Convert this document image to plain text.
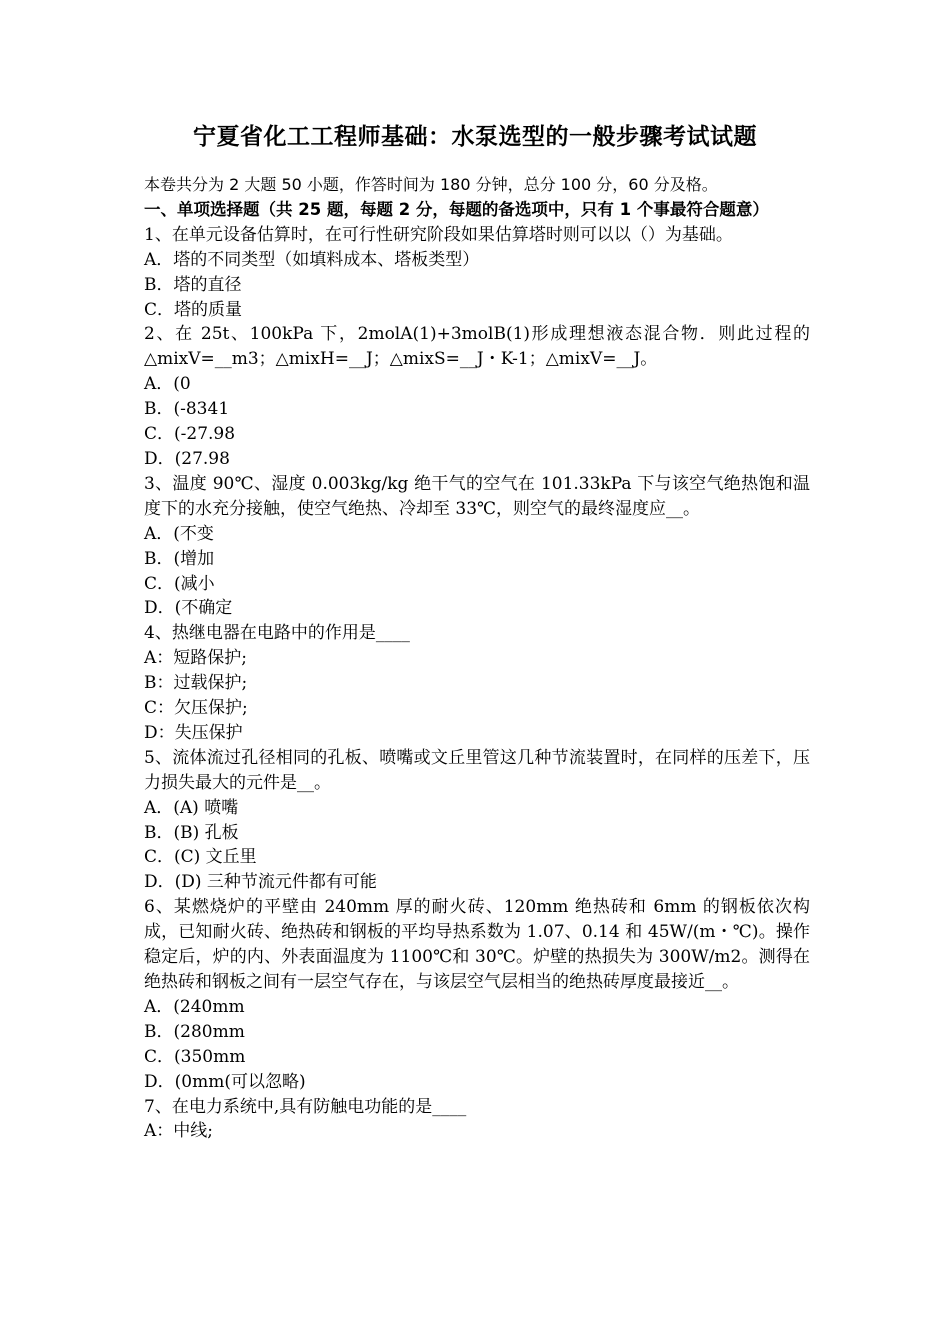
宁夏省化工工程师基础：水泵选型的一般步骤考试试题
本卷共分为 2 大题 50 小题，作答时间为 180 分钟，总分 100 分，60 分及格。
一、单项选择题（共 25 题，每题 2 分，每题的备选项中，只有 1 个事最符合题意）
1、在单元设备估算时，在可行性研究阶段如果估算塔时则可以以（）为基础。
A．塔的不同类型（如填料成本、塔板类型）
B．塔的直径
C．塔的质量
2、在 25t、100kPa 下，2molA(1)+3molB(1)形成理想液态混合物．则此过程的△mixV=__m3；△mixH=__J；△mixS=__J・K-1；△mixV=__J。
A．(0
B．(-8341
C．(-27.98
D．(27.98
3、温度 90℃、湿度 0.003kg/kg 绝干气的空气在 101.33kPa 下与该空气绝热饱和温度下的水充分接触，使空气绝热、冷却至 33℃，则空气的最终湿度应__。
A．(不变
B．(增加
C．(减小
D．(不确定
4、热继电器在电路中的作用是____
A：短路保护;
B：过载保护;
C：欠压保护;
D：失压保护
5、流体流过孔径相同的孔板、喷嘴或文丘里管这几种节流装置时，在同样的压差下，压力损失最大的元件是__。
A．(A) 喷嘴
B．(B) 孔板
C．(C) 文丘里
D．(D) 三种节流元件都有可能
6、某燃烧炉的平壁由 240mm 厚的耐火砖、120mm 绝热砖和 6mm 的钢板依次构成，已知耐火砖、绝热砖和钢板的平均导热系数为 1.07、0.14 和 45W/(m・℃)。操作稳定后，炉的内、外表面温度为 1100℃和 30℃。炉壁的热损失为 300W/m2。测得在绝热砖和钢板之间有一层空气存在，与该层空气层相当的绝热砖厚度最接近__。
A．(240mm
B．(280mm
C．(350mm
D．(0mm(可以忽略)
7、在电力系统中,具有防触电功能的是____
A：中线;
